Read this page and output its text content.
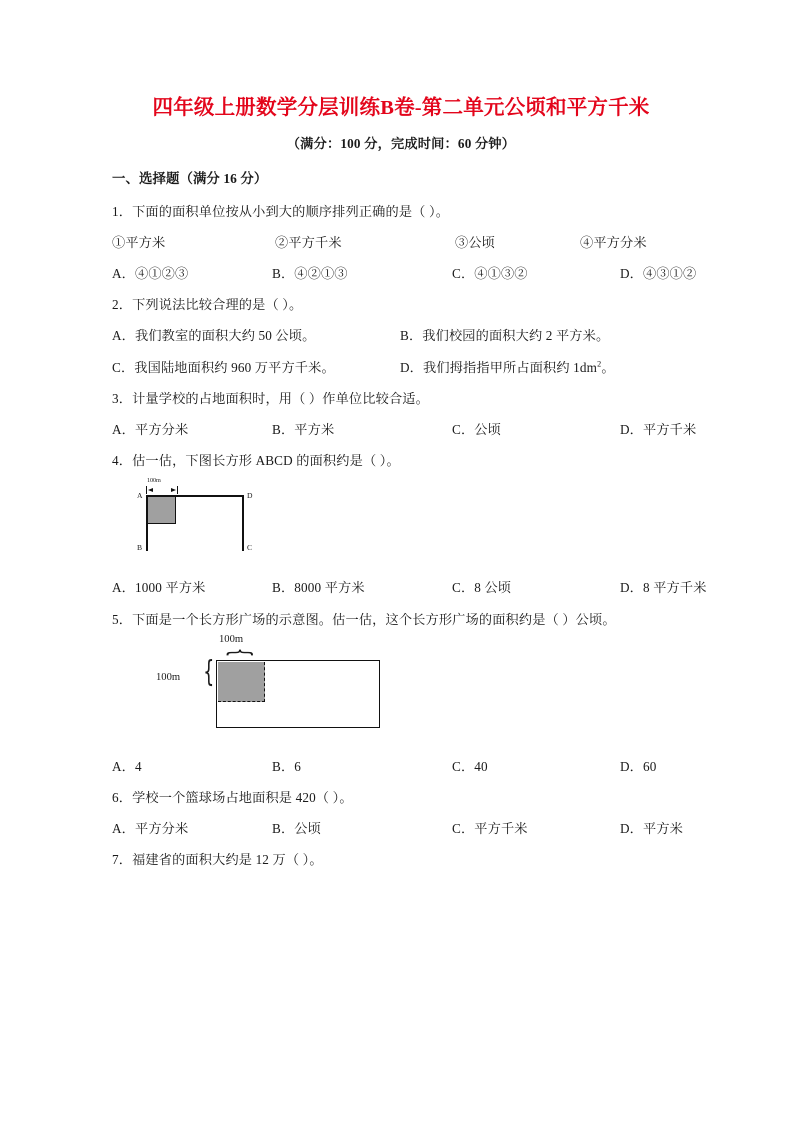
四年级上册数学分层训练B卷-第二单元公顷和平方千米
（满分：100 分，完成时间：60 分钟）
一、选择题（满分 16 分）
1．下面的面积单位按从小到大的顺序排列正确的是（ ）。
①平方米	②平方千米	③公顷	④平方分米
A．④①②③	B．④②①③	C．④①③②	D．④③①②
2．下列说法比较合理的是（ ）。
A．我们教室的面积大约 50 公顷。	B．我们校园的面积大约 2 平方米。
C．我国陆地面积约 960 万平方千米。	D．我们拇指指甲所占面积约 $1dm^2$。
3．计量学校的占地面积时，用（ ）作单位比较合适。
A．平方分米	B．平方米	C．公顷	D．平方千米
4．估一估，下图长方形 ABCD 的面积约是（ ）。
100m
A	D
B	C
A．1000 平方米	B．8000 平方米	C．8 公顷	D．8 平方千米
5．下面是一个长方形广场的示意图。估一估，这个长方形广场的面积约是（ ）公顷。
100m
100m
{
{
A．4	B．6	C．40	D．60
6．学校一个篮球场占地面积是 420（ ）。
A．平方分米	B．公顷	C．平方千米	D．平方米
7．福建省的面积大约是 12 万（ ）。
